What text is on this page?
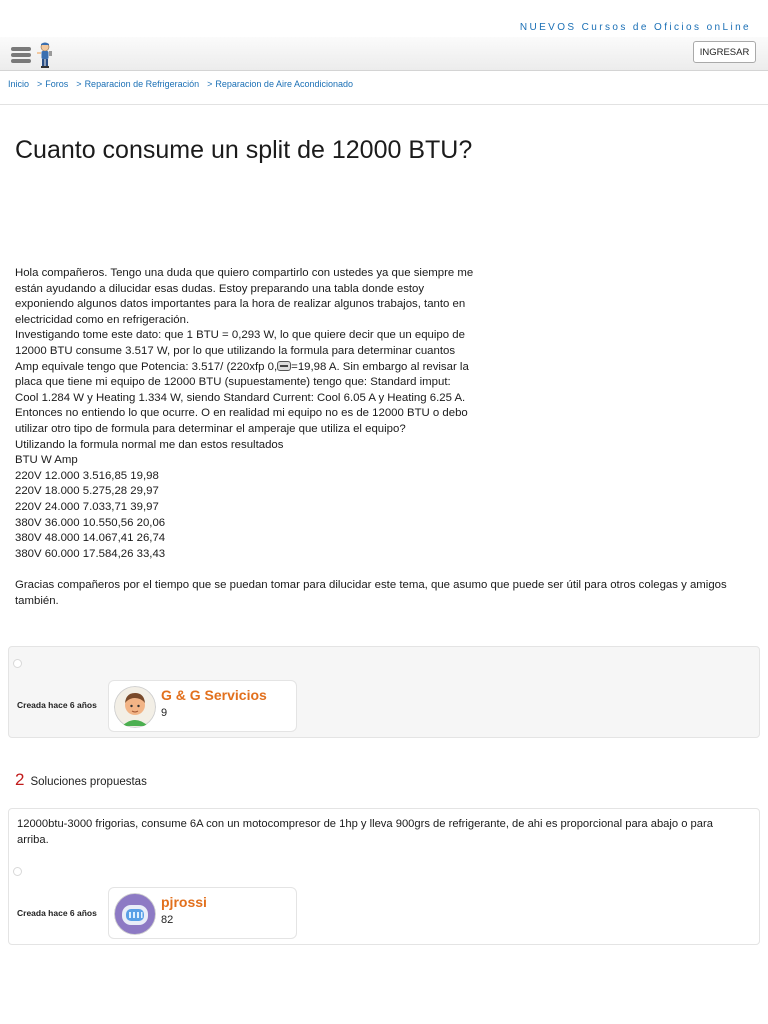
NUEVOS Cursos de Oficios onLine
INGRESAR
Inicio > Foros > Reparacion de Refrigeración > Reparacion de Aire Acondicionado
Cuanto consume un split de 12000 BTU?
Hola compañeros. Tengo una duda que quiero compartirlo con ustedes ya que siempre me
están ayudando a dilucidar esas dudas. Estoy preparando una tabla donde estoy
exponiendo algunos datos importantes para la hora de realizar algunos trabajos, tanto en
electricidad como en refrigeración.
Investigando tome este dato: que 1 BTU = 0,293 W, lo que quiere decir que un equipo de
12000 BTU consume 3.517 W, por lo que utilizando la formula para determinar cuantos
Amp equivale tengo que Potencia: 3.517/ (220xfp 0, =19,98 A. Sin embargo al revisar la
placa que tiene mi equipo de 12000 BTU (supuestamente) tengo que: Standard imput:
Cool 1.284 W y Heating 1.334 W, siendo Standard Current: Cool 6.05 A y Heating 6.25 A.
Entonces no entiendo lo que ocurre. O en realidad mi equipo no es de 12000 BTU o debo
utilizar otro tipo de formula para determinar el amperaje que utiliza el equipo?
Utilizando la formula normal me dan estos resultados
BTU W Amp
220V 12.000 3.516,85 19,98
220V 18.000 5.275,28 29,97
220V 24.000 7.033,71 39,97
380V 36.000 10.550,56 20,06
380V 48.000 14.067,41 26,74
380V 60.000 17.584,26 33,43
Gracias compañeros por el tiempo que se puedan tomar para dilucidar este tema, que asumo que puede ser útil para otros colegas y amigos también.
Creada hace 6 años
G & G Servicios
9
2 Soluciones propuestas
12000btu-3000 frigorias, consume 6A con un motocompresor de 1hp y lleva 900grs de refrigerante, de ahi es proporcional para abajo o para arriba.
Creada hace 6 años
pjrossi
82
